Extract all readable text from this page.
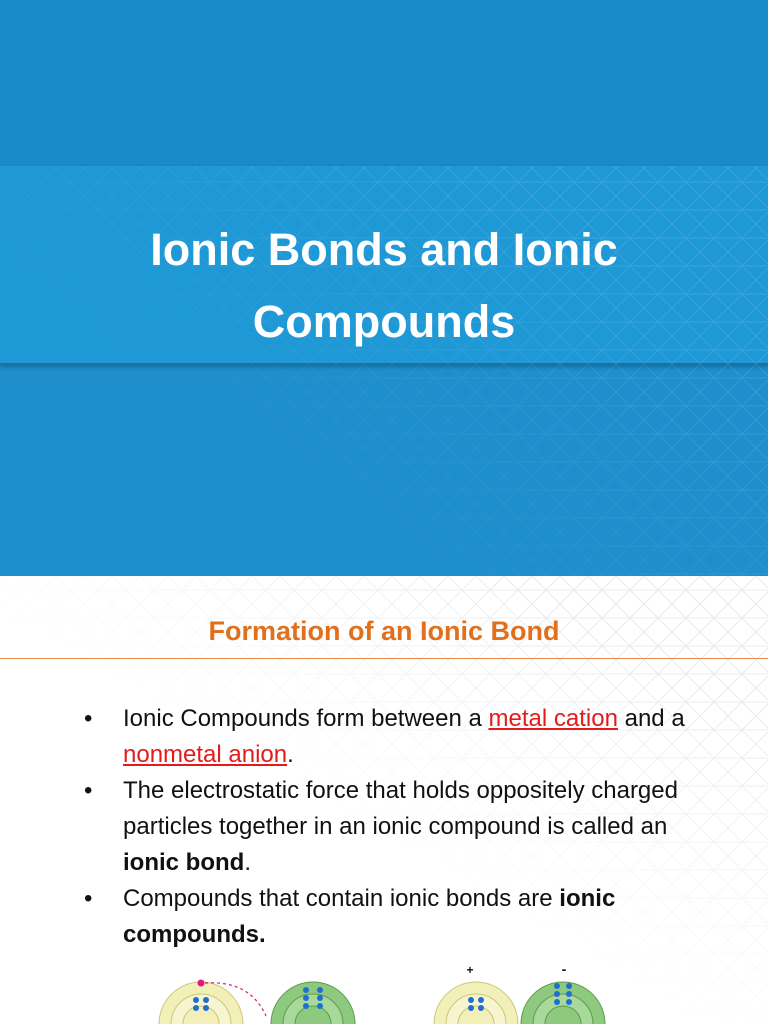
Ionic Bonds and Ionic
Compounds
Formation of an Ionic Bond
• Ionic Compounds form between a metal cation and a nonmetal anion.
• The electrostatic force that holds oppositely charged particles together in an ionic compound is called an ionic bond.
• Compounds that contain ionic bonds are ionic compounds.
+	-
